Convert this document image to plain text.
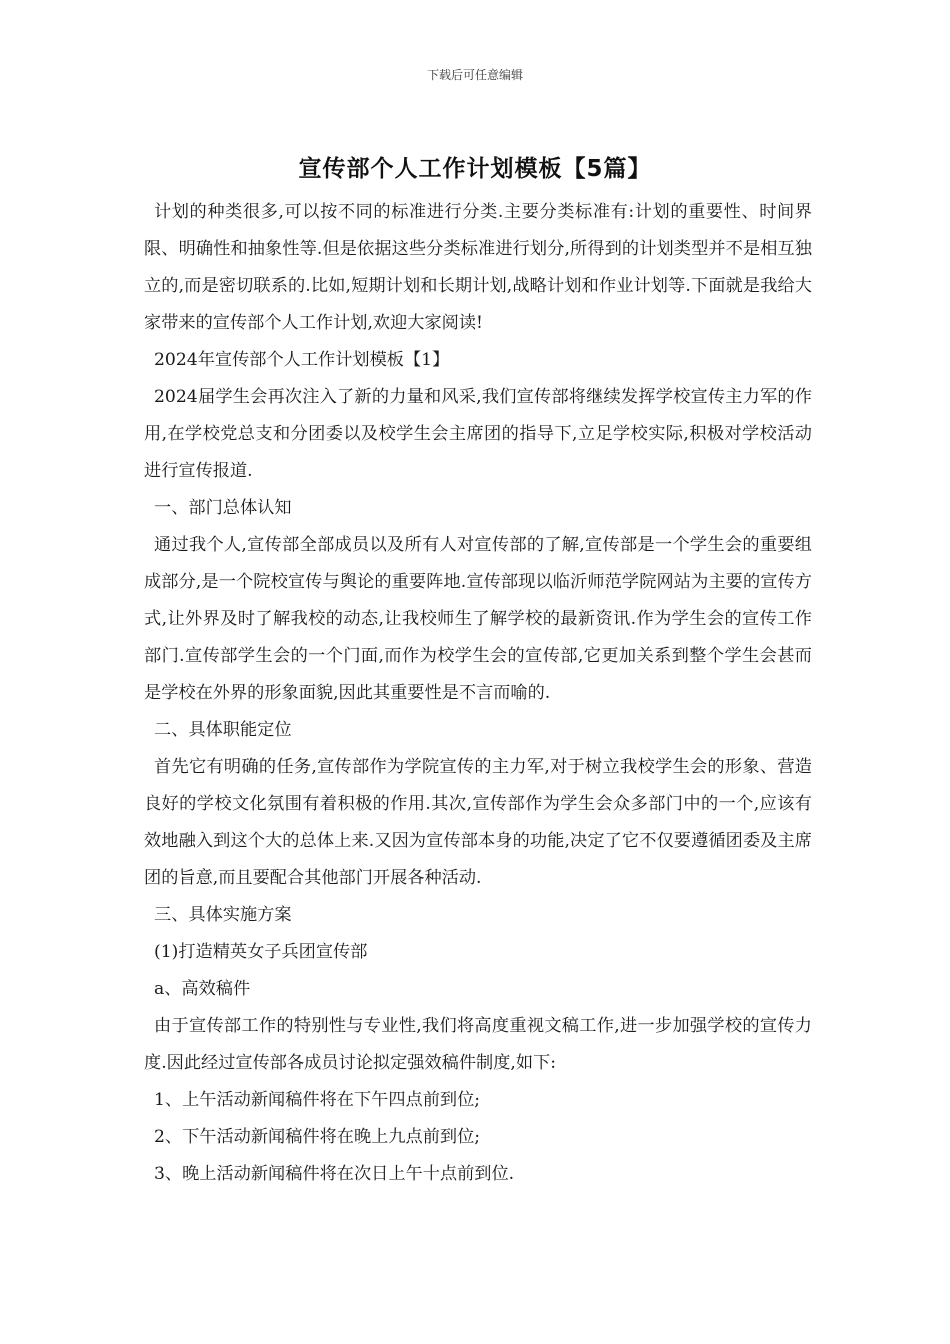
下载后可任意编辑
宣传部个人工作计划模板【5篇】

计划的种类很多,可以按不同的标准进行分类.主要分类标准有:计划的重要性、时间界限、明确性和抽象性等.但是依据这些分类标准进行划分,所得到的计划类型并不是相互独立的,而是密切联系的.比如,短期计划和长期计划,战略计划和作业计划等.下面就是我给大家带来的宣传部个人工作计划,欢迎大家阅读!

2024年宣传部个人工作计划模板【1】

2024届学生会再次注入了新的力量和风采,我们宣传部将继续发挥学校宣传主力军的作用,在学校党总支和分团委以及校学生会主席团的指导下,立足学校实际,积极对学校活动进行宣传报道.

一、部门总体认知

通过我个人,宣传部全部成员以及所有人对宣传部的了解,宣传部是一个学生会的重要组成部分,是一个院校宣传与舆论的重要阵地.宣传部现以临沂师范学院网站为主要的宣传方式,让外界及时了解我校的动态,让我校师生了解学校的最新资讯.作为学生会的宣传工作部门.宣传部学生会的一个门面,而作为校学生会的宣传部,它更加关系到整个学生会甚而是学校在外界的形象面貌,因此其重要性是不言而喻的.

二、具体职能定位

首先它有明确的任务,宣传部作为学院宣传的主力军,对于树立我校学生会的形象、营造良好的学校文化氛围有着积极的作用.其次,宣传部作为学生会众多部门中的一个,应该有效地融入到这个大的总体上来.又因为宣传部本身的功能,决定了它不仅要遵循团委及主席团的旨意,而且要配合其他部门开展各种活动.

三、具体实施方案

(1)打造精英女子兵团宣传部

a、高效稿件

由于宣传部工作的特别性与专业性,我们将高度重视文稿工作,进一步加强学校的宣传力度.因此经过宣传部各成员讨论拟定强效稿件制度,如下:

1、上午活动新闻稿件将在下午四点前到位;

2、下午活动新闻稿件将在晚上九点前到位;

3、晚上活动新闻稿件将在次日上午十点前到位.
